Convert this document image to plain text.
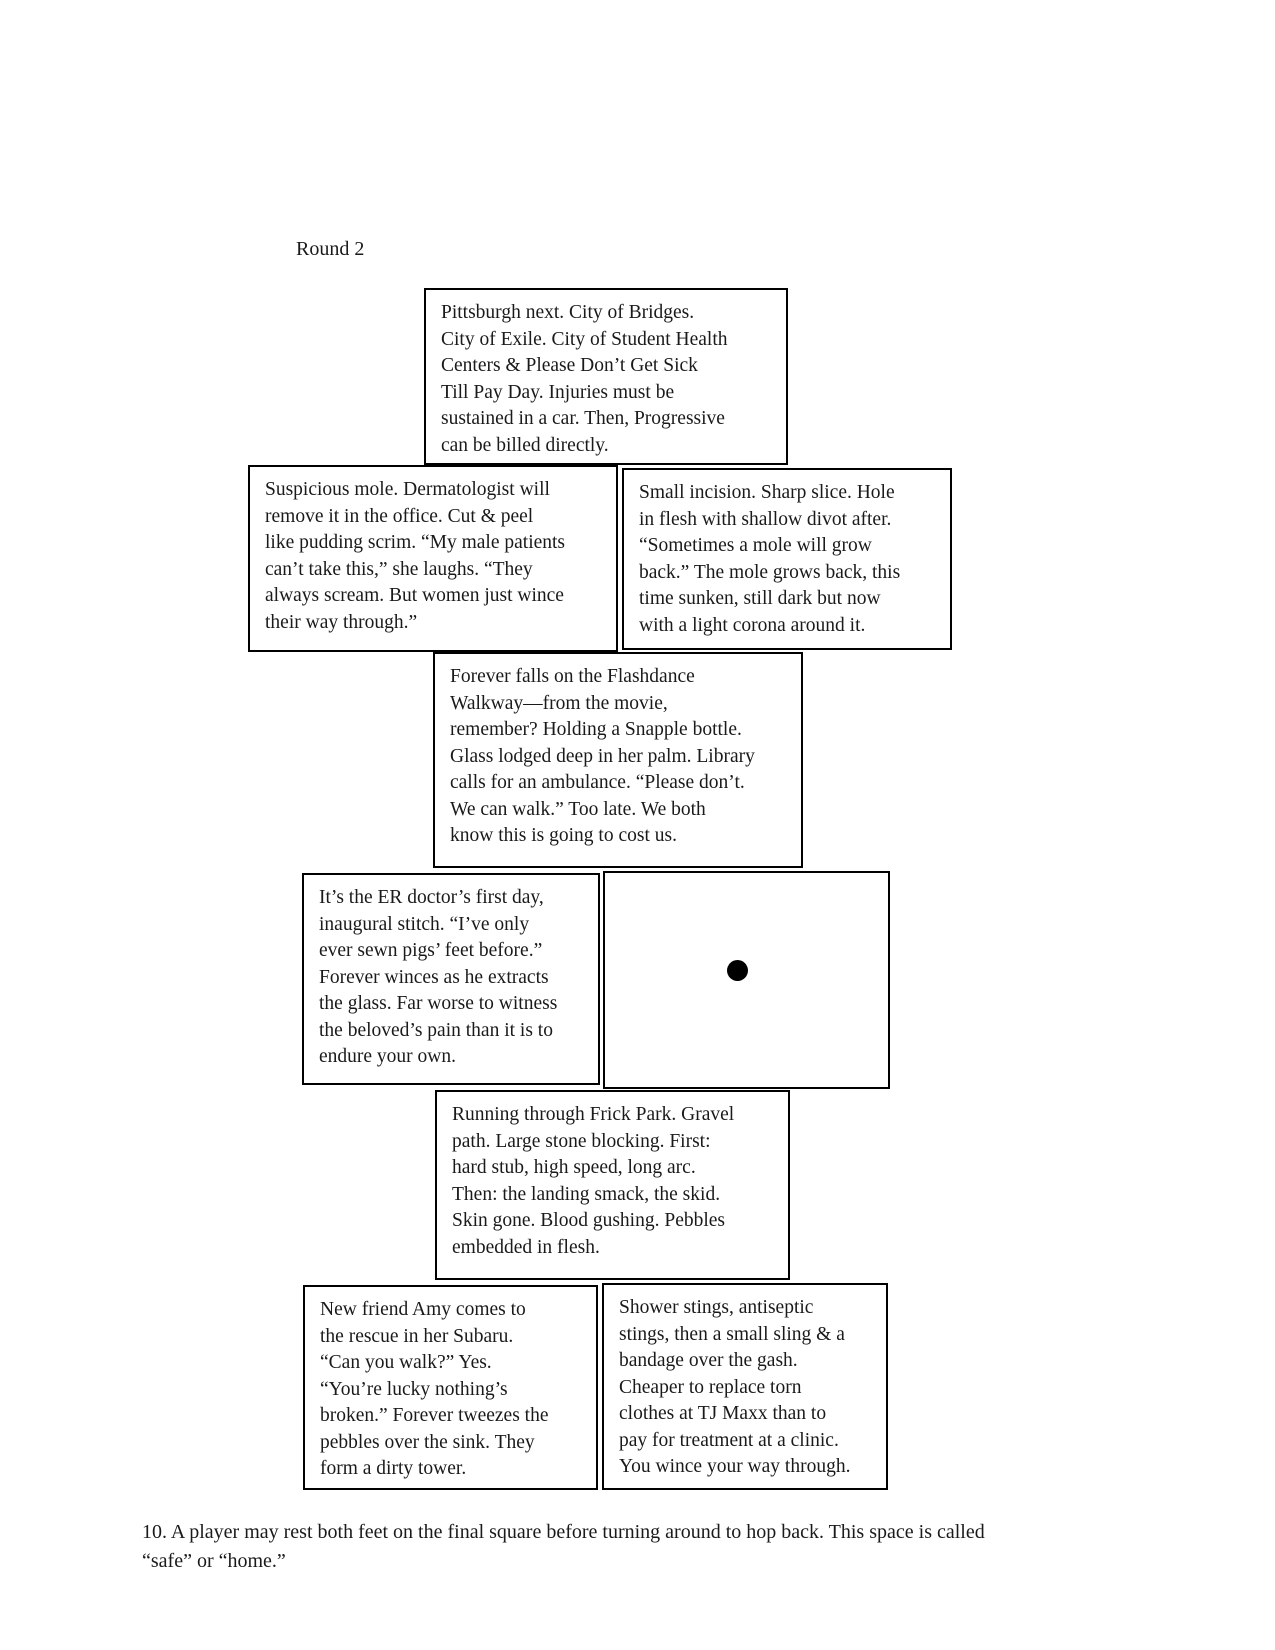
Round 2
Pittsburgh next. City of Bridges.
City of Exile. City of Student Health
Centers & Please Don’t Get Sick
Till Pay Day. Injuries must be
sustained in a car. Then, Progressive
can be billed directly.
Suspicious mole. Dermatologist will
remove it in the office. Cut & peel
like pudding scrim. “My male patients
can’t take this,” she laughs. “They
always scream. But women just wince
their way through.”
Small incision. Sharp slice. Hole
in flesh with shallow divot after.
“Sometimes a mole will grow
back.” The mole grows back, this
time sunken, still dark but now
with a light corona around it.
Forever falls on the Flashdance
Walkway—from the movie,
remember? Holding a Snapple bottle.
Glass lodged deep in her palm. Library
calls for an ambulance. “Please don’t.
We can walk.” Too late. We both
know this is going to cost us.
It’s the ER doctor’s first day,
inaugural stitch. “I’ve only
ever sewn pigs’ feet before.”
Forever winces as he extracts
the glass. Far worse to witness
the beloved’s pain than it is to
endure your own.
Running through Frick Park. Gravel
path. Large stone blocking. First:
hard stub, high speed, long arc.
Then: the landing smack, the skid.
Skin gone. Blood gushing. Pebbles
embedded in flesh.
New friend Amy comes to
the rescue in her Subaru.
“Can you walk?” Yes.
“You’re lucky nothing’s
broken.” Forever tweezes the
pebbles over the sink. They
form a dirty tower.
Shower stings, antiseptic
stings, then a small sling & a
bandage over the gash.
Cheaper to replace torn
clothes at TJ Maxx than to
pay for treatment at a clinic.
You wince your way through.
10. A player may rest both feet on the final square before turning around to hop back. This space is called
“safe” or “home.”
